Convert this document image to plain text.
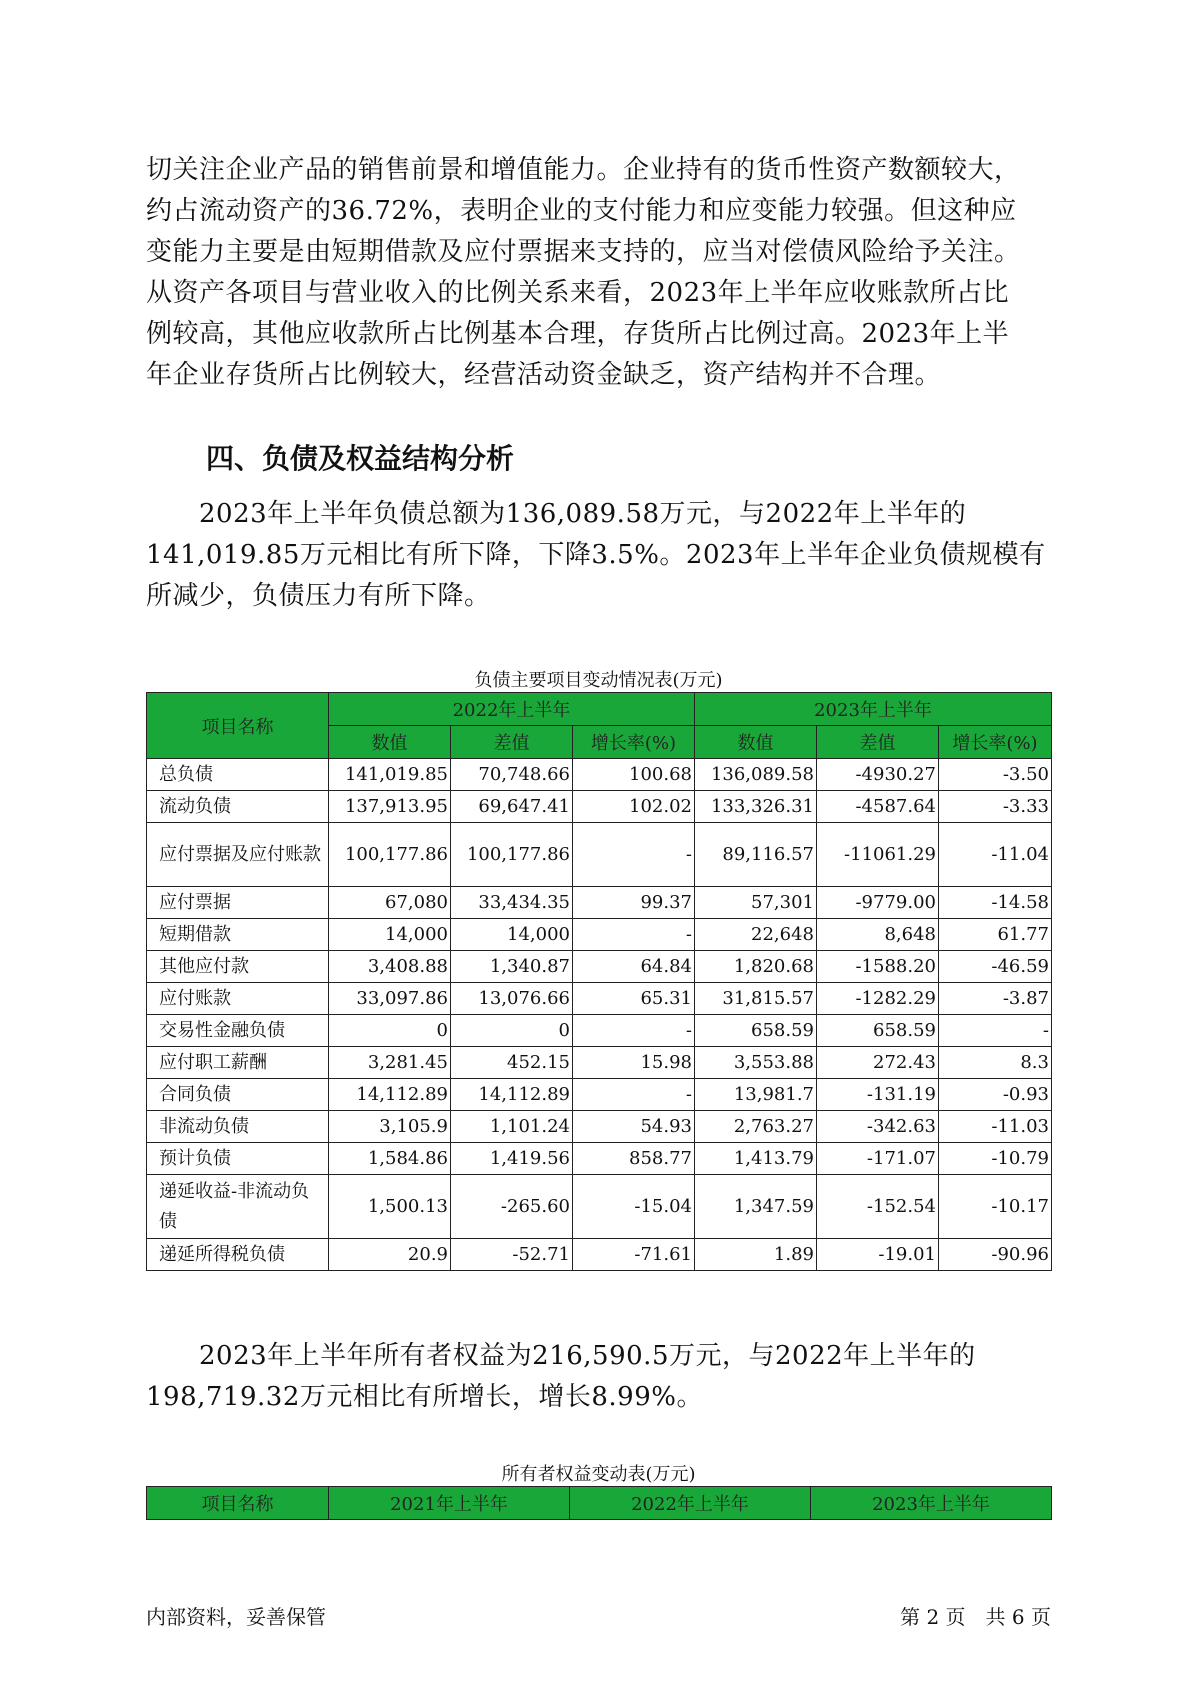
切关注企业产品的销售前景和增值能力。企业持有的货币性资产数额较大，
约占流动资产的36.72%，表明企业的支付能力和应变能力较强。但这种应
变能力主要是由短期借款及应付票据来支持的，应当对偿债风险给予关注。
从资产各项目与营业收入的比例关系来看，2023年上半年应收账款所占比
例较高，其他应收款所占比例基本合理，存货所占比例过高。2023年上半
年企业存货所占比例较大，经营活动资金缺乏，资产结构并不合理。
四、负债及权益结构分析
　　2023年上半年负债总额为136,089.58万元，与2022年上半年的
141,019.85万元相比有所下降，下降3.5%。2023年上半年企业负债规模有
所减少，负债压力有所下降。
负债主要项目变动情况表(万元)
项目名称	2022年上半年			2023年上半年		
	数值	差值	增长率(%)	数值	差值	增长率(%)
总负债	141,019.85	70,748.66	100.68	136,089.58	-4930.27	-3.50
流动负债	137,913.95	69,647.41	102.02	133,326.31	-4587.64	-3.33
应付票据及应付账款	100,177.86	100,177.86	-	89,116.57	-11061.29	-11.04
应付票据	67,080	33,434.35	99.37	57,301	-9779.00	-14.58
短期借款	14,000	14,000	-	22,648	8,648	61.77
其他应付款	3,408.88	1,340.87	64.84	1,820.68	-1588.20	-46.59
应付账款	33,097.86	13,076.66	65.31	31,815.57	-1282.29	-3.87
交易性金融负债	0	0	-	658.59	658.59	-
应付职工薪酬	3,281.45	452.15	15.98	3,553.88	272.43	8.3
合同负债	14,112.89	14,112.89	-	13,981.7	-131.19	-0.93
非流动负债	3,105.9	1,101.24	54.93	2,763.27	-342.63	-11.03
预计负债	1,584.86	1,419.56	858.77	1,413.79	-171.07	-10.79
递延收益-非流动负债	1,500.13	-265.60	-15.04	1,347.59	-152.54	-10.17
递延所得税负债	20.9	-52.71	-71.61	1.89	-19.01	-90.96
　　2023年上半年所有者权益为216,590.5万元，与2022年上半年的
198,719.32万元相比有所增长，增长8.99%。
所有者权益变动表(万元)
项目名称	2021年上半年	2022年上半年	2023年上半年
内部资料，妥善保管	第 2 页　共 6 页
